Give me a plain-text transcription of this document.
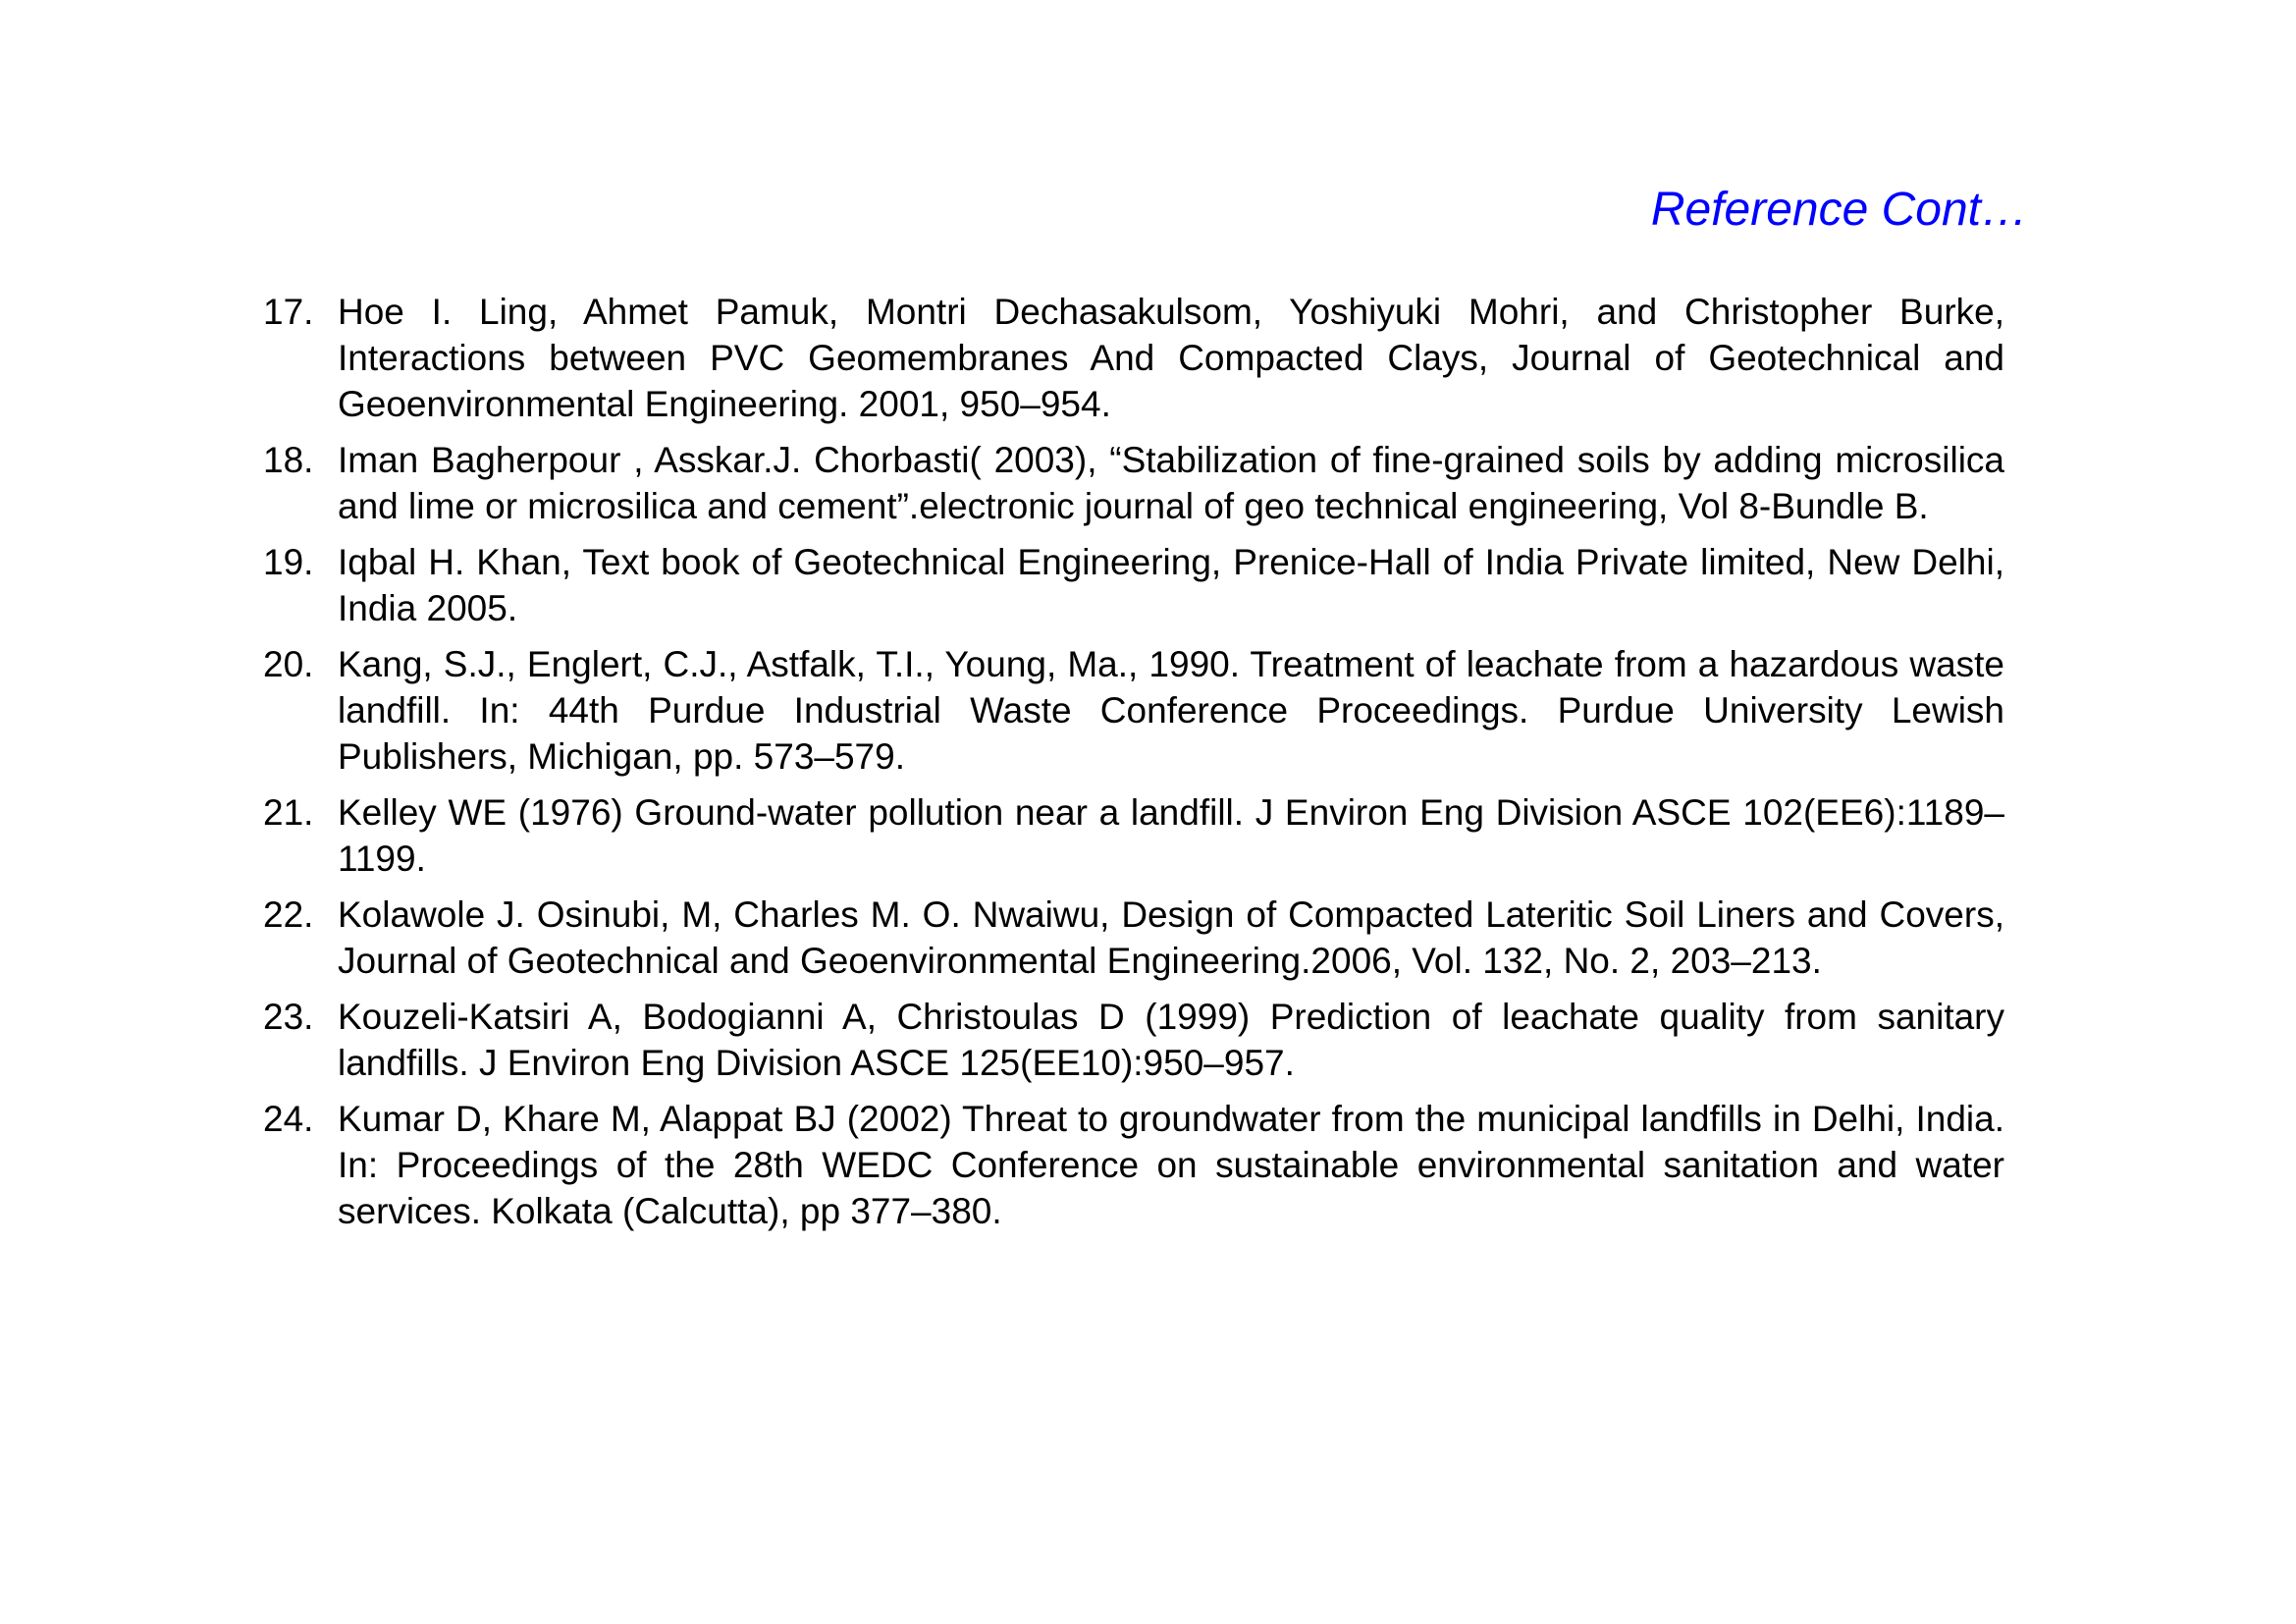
Reference Cont…
17. Hoe I. Ling, Ahmet Pamuk, Montri Dechasakulsom, Yoshiyuki Mohri, and Christopher Burke, Interactions between PVC Geomembranes And Compacted Clays, Journal of Geotechnical and Geoenvironmental Engineering. 2001, 950–954.
18. Iman Bagherpour , Asskar.J. Chorbasti( 2003), “Stabilization of fine-grained soils by adding microsilica and lime or microsilica and cement”.electronic journal of geo technical engineering, Vol 8-Bundle B.
19. Iqbal H. Khan, Text book of Geotechnical Engineering, Prenice-Hall of India Private limited, New Delhi, India 2005.
20. Kang, S.J., Englert, C.J., Astfalk, T.I., Young, Ma., 1990. Treatment of leachate from a hazardous waste landfill. In: 44th Purdue Industrial Waste Conference Proceedings. Purdue University Lewish Publishers, Michigan, pp. 573–579.
21. Kelley WE (1976) Ground-water pollution near a landfill. J Environ Eng Division ASCE 102(EE6):1189–1199.
22. Kolawole J. Osinubi, M, Charles M. O. Nwaiwu, Design of Compacted Lateritic Soil Liners and Covers, Journal of Geotechnical and Geoenvironmental Engineering.2006, Vol. 132, No. 2, 203–213.
23. Kouzeli-Katsiri A, Bodogianni A, Christoulas D (1999) Prediction of leachate quality from sanitary landfills. J Environ Eng Division ASCE 125(EE10):950–957.
24. Kumar D, Khare M, Alappat BJ (2002) Threat to groundwater from the municipal landfills in Delhi, India. In: Proceedings of the 28th WEDC Conference on sustainable environmental sanitation and water services. Kolkata (Calcutta), pp 377–380.
